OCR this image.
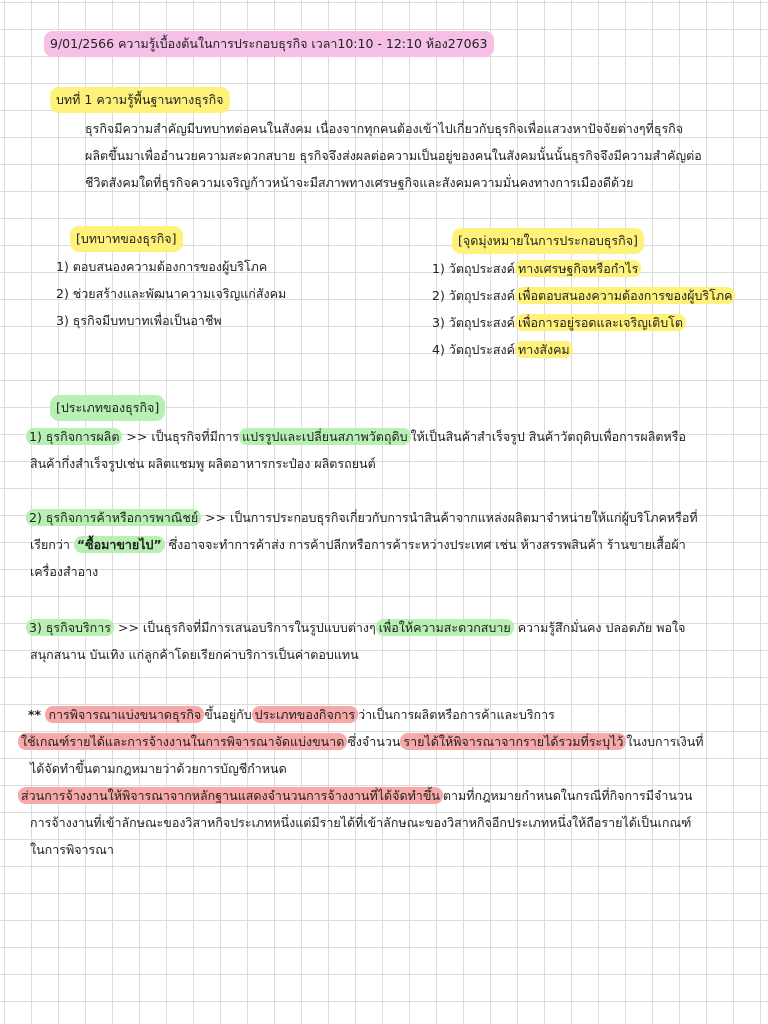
9/01/2566 ความรู้เบื้องต้นในการประกอบธุรกิจ เวลา10:10 - 12:10 ห้อง27063
บทที่ 1 ความรู้พื้นฐานทางธุรกิจ
ธุรกิจมีความสำคัญมีบทบาทต่อคนในสังคม เนื่องจากทุกคนต้องเข้าไปเกี่ยวกับธุรกิจเพื่อแสวงหาปัจจัยต่างๆที่ธุรกิจ
ผลิตขึ้นมาเพื่ออำนวยความสะดวกสบาย ธุรกิจจึงส่งผลต่อความเป็นอยู่ของคนในสังคมนั้นนั้นธุรกิจจึงมีความสำคัญต่อ
ชีวิตสังคมใดที่ธุรกิจความเจริญก้าวหน้าจะมีสภาพทางเศรษฐกิจและสังคมความมั่นคงทางการเมืองดีด้วย
[บทบาทของธุรกิจ]
1) ตอบสนองความต้องการของผู้บริโภค
2) ช่วยสร้างและพัฒนาความเจริญแก่สังคม
3) ธุรกิจมีบทบาทเพื่อเป็นอาชีพ
[จุดมุ่งหมายในการประกอบธุรกิจ]
1) วัตถุประสงค์ ทางเศรษฐกิจหรือกำไร
2) วัตถุประสงค์ เพื่อตอบสนองความต้องการของผู้บริโภค
3) วัตถุประสงค์ เพื่อการอยู่รอดและเจริญเติบโต
4) วัตถุประสงค์ ทางสังคม
[ประเภทของธุรกิจ]
1) ธุรกิจการผลิต >> เป็นธุรกิจที่มีการ แปรรูปและเปลี่ยนสภาพวัตถุดิบ ให้เป็นสินค้าสำเร็จรูป สินค้าวัตถุดิบเพื่อการผลิตหรือ
สินค้ากึ่งสำเร็จรูปเช่น ผลิตแชมพู ผลิตอาหารกระป๋อง ผลิตรถยนต์
2) ธุรกิจการค้าหรือการพาณิชย์ >> เป็นการประกอบธุรกิจเกี่ยวกับการนำสินค้าจากแหล่งผลิตมาจำหน่ายให้แก่ผู้บริโภคหรือที่
เรียกว่า “ซื้อมาขายไป” ซึ่งอาจจะทำการค้าส่ง การค้าปลีกหรือการค้าระหว่างประเทศ เช่น ห้างสรรพสินค้า ร้านขายเสื้อผ้า
เครื่องสำอาง
3) ธุรกิจบริการ >> เป็นธุรกิจที่มีการเสนอบริการในรูปแบบต่างๆ เพื่อให้ความสะดวกสบาย ความรู้สึกมั่นคง ปลอดภัย พอใจ
สนุกสนาน บันเทิง แก่ลูกค้าโดยเรียกค่าบริการเป็นค่าตอบแทน
** การพิจารณาแบ่งขนาดธุรกิจ ขึ้นอยู่กับ ประเภทของกิจการ ว่าเป็นการผลิตหรือการค้าและบริการ
ใช้เกณฑ์รายได้และการจ้างงานในการพิจารณาจัดแบ่งขนาด ซึ่งจำนวน รายได้ให้พิจารณาจากรายได้รวมที่ระบุไว้ ในงบการเงินที่
ได้จัดทำขึ้นตามกฎหมายว่าด้วยการบัญชีกำหนด
ส่วนการจ้างงานให้พิจารณาจากหลักฐานแสดงจำนวนการจ้างงานที่ได้จัดทำขึ้น ตามที่กฎหมายกำหนดในกรณีที่กิจการมีจำนวน
การจ้างงานที่เข้าลักษณะของวิสาหกิจประเภทหนึ่งแต่มีรายได้ที่เข้าลักษณะของวิสาหกิจอีกประเภทหนึ่งให้ถือรายได้เป็นเกณฑ์
ในการพิจารณา
